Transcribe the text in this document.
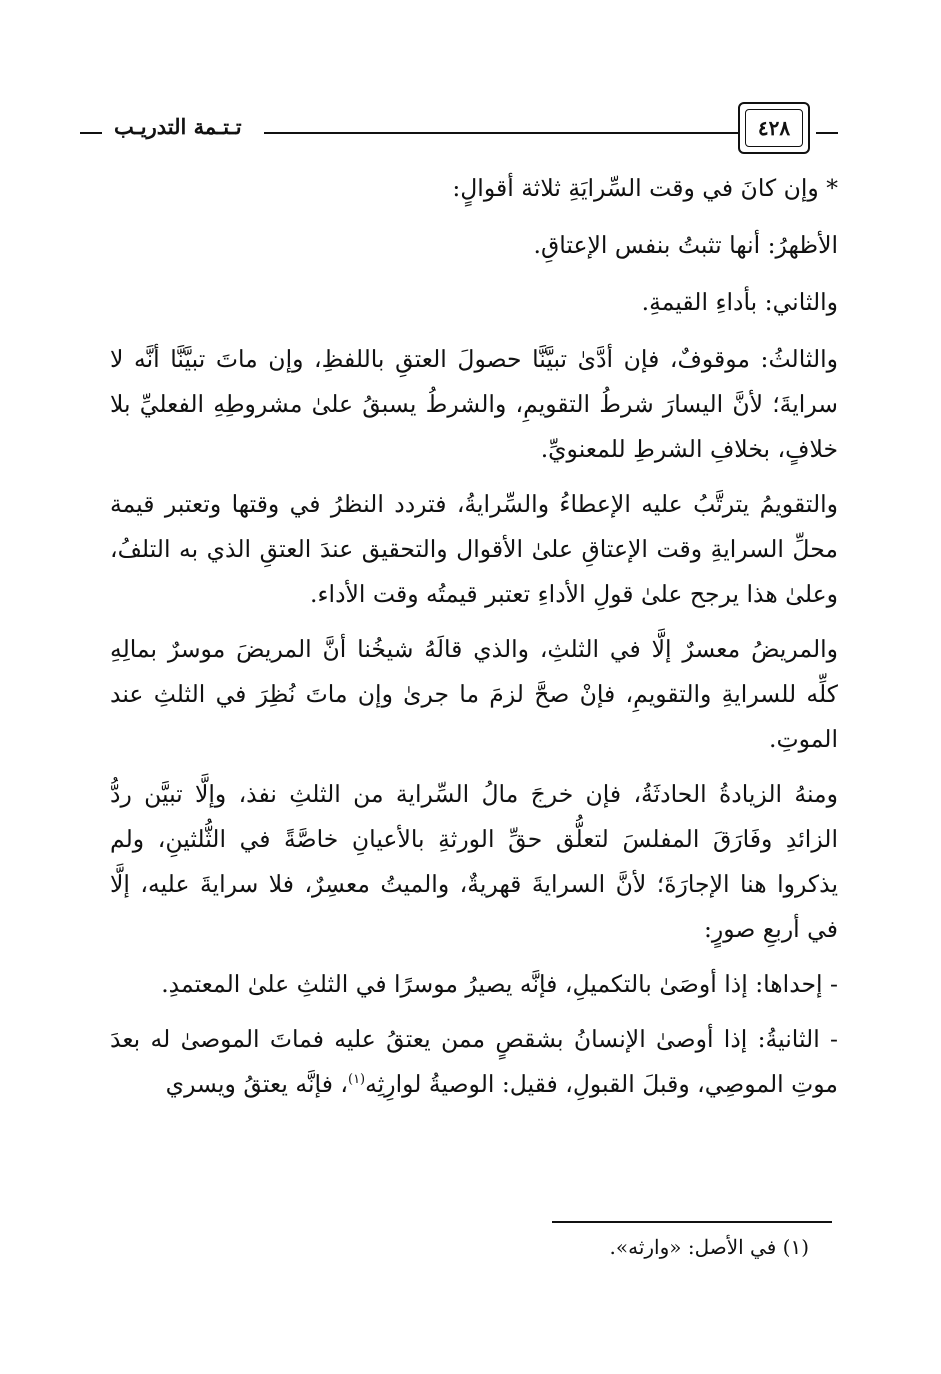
تـتـمة التدريـب	٤٢٨

* وإن كانَ في وقت السِّرايَةِ ثلاثة أقوالٍ:

الأظهرُ: أنها تثبتُ بنفس الإعتاقِ.

والثاني: بأداءِ القيمةِ.

والثالثُ: موقوفٌ، فإن أدَّىٰ تبيَّنَّا حصولَ العتقِ باللفظِ، وإن ماتَ تبيَّنَّا أنَّه لا سرايةَ؛ لأنَّ اليسارَ شرطُ التقويمِ، والشرطُ يسبقُ علىٰ مشروطِهِ الفعليِّ بلا خلافٍ، بخلافِ الشرطِ للمعنويِّ.

والتقويمُ يترتَّبُ عليه الإعطاءُ والسِّرايةُ، فتردد النظرُ في وقتها وتعتبر قيمة محلِّ السرايةِ وقت الإعتاقِ علىٰ الأقوال والتحقيق عندَ العتقِ الذي به التلفُ، وعلىٰ هذا يرجح علىٰ قولِ الأداءِ تعتبر قيمتُه وقت الأداء.

والمريضُ معسرٌ إلَّا في الثلثِ، والذي قالَهُ شيخُنا أنَّ المريضَ موسرٌ بمالِهِ كلِّه للسرايةِ والتقويمِ، فإنْ صحَّ لزمَ ما جرىٰ وإن ماتَ نُظِرَ في الثلثِ عند الموتِ.

ومنهُ الزيادةُ الحادثَةُ، فإن خرجَ مالُ السِّراية من الثلثِ نفذ، وإلَّا تبيَّن ردُّ الزائدِ وفَارَقَ المفلسَ لتعلُّق حقِّ الورثةِ بالأعيانِ خاصَّةً في الثُّلثينِ، ولم يذكروا هنا الإجارَةَ؛ لأنَّ السرايةَ قهريةٌ، والميتُ معسِرٌ، فلا سرايةَ عليه، إلَّا في أربعِ صورٍ:

- إحداها: إذا أوصَىٰ بالتكميلِ، فإنَّه يصيرُ موسرًا في الثلثِ علىٰ المعتمدِ.

- الثانيةُ: إذا أوصىٰ الإنسانُ بشقصٍ ممن يعتقُ عليه فماتَ الموصىٰ له بعدَ موتِ الموصِي، وقبلَ القبولِ، فقيل: الوصيةُ لوارِثِه$^{(١)}$، فإنَّه يعتقُ ويسري

(١) في الأصل: «وارثه».
